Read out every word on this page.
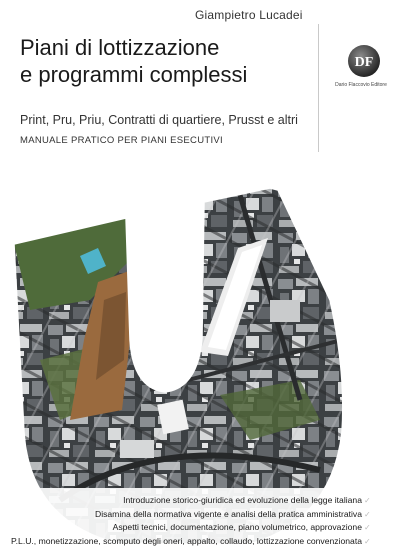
Giampietro Lucadei
Piani di lottizzazione
e programmi complessi
Print, Pru, Priu, Contratti di quartiere, Prusst e altri
MANUALE PRATICO PER PIANI ESECUTIVI
DF
Dario Flaccovio Editore
Introduzione storico-giuridica ed evoluzione della legge italiana ✓
Disamina della normativa vigente e analisi della pratica amministrativa ✓
Aspetti tecnici, documentazione, piano volumetrico, approvazione ✓
P.L.U., monetizzazione, scomputo degli oneri, appalto, collaudo, lottizzazione convenzionata ✓
